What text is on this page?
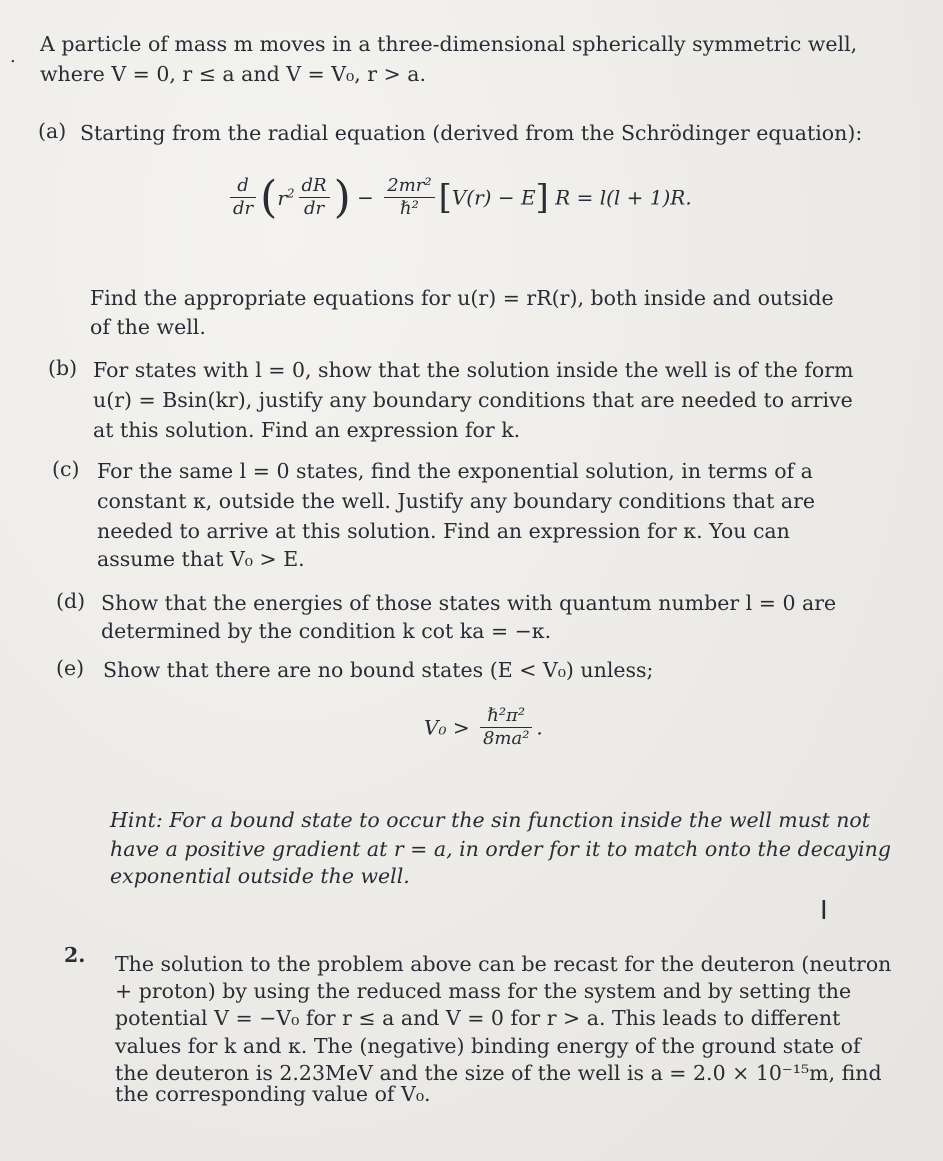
.
A particle of mass m moves in a three-dimensional spherically symmetric well,
where V = 0, r ≤ a and V = V₀, r > a.
(a) Starting from the radial equation (derived from the Schrödinger equation):
$\frac{d}{dr} (r^2 \frac{dR}{dr}$ ) − $\frac{\text{2mr²}}{\text{ℏ²}} [V(r) - E] R = l(l + 1)R$.
Find the appropriate equations for u(r) = rR(r), both inside and outside
of the well.
(b) For states with l = 0, show that the solution inside the well is of the form
u(r) = Bsin(kr), justify any boundary conditions that are needed to arrive
at this solution. Find an expression for k.
(c) For the same l = 0 states, find the exponential solution, in terms of a
constant κ, outside the well. Justify any boundary conditions that are
needed to arrive at this solution. Find an expression for κ. You can
assume that V₀ > E.
(d) Show that the energies of those states with quantum number l = 0 are
determined by the condition k cot ka = −κ.
(e) Show that there are no bound states (E < V₀) unless;
$V_0 > \frac{\text{ℏ²π²}}{\text{8ma²}}$ .
Hint: For a bound state to occur the sin function inside the well must not
have a positive gradient at r = a, in order for it to match onto the decaying
exponential outside the well.
I
2. The solution to the problem above can be recast for the deuteron (neutron
+ proton) by using the reduced mass for the system and by setting the
potential V = −V₀ for r ≤ a and V = 0 for r > a. This leads to different
values for k and κ. The (negative) binding energy of the ground state of
the deuteron is 2.23MeV and the size of the well is a = 2.0 × 10⁻¹⁵m, find
the corresponding value of V₀.
